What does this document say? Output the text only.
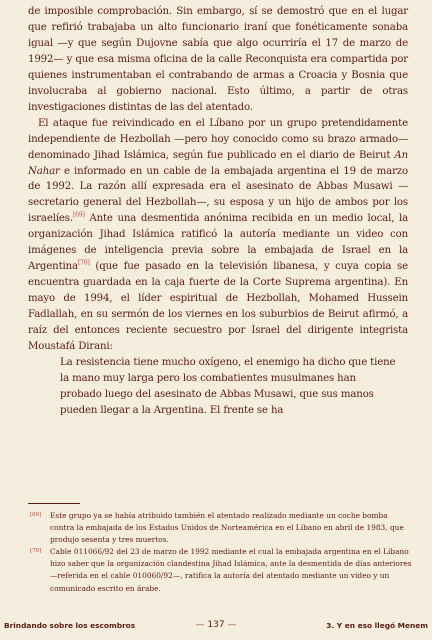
de imposible comprobación. Sin embargo, sí se demostró que en el lugar que refirió trabajaba un alto funcionario iraní que fonéticamente sonaba igual —y que según Dujovne sabía que algo ocurriría el 17 de marzo de 1992— y que esa misma oficina de la calle Reconquista era compartida por quienes instrumentaban el contrabando de armas a Croacia y Bosnia que involucraba al gobierno nacional. Esto último, a partir de otras investigaciones distintas de las del atentado.

El ataque fue reivindicado en el Líbano por un grupo pretendidamente independiente de Hezbollah —pero hoy conocido como su brazo armado— denominado Jihad Islámica, según fue publicado en el diario de Beirut An Nahar e informado en un cable de la embajada argentina el 19 de marzo de 1992. La razón allí expresada era el asesinato de Abbas Musawi —secretario general del Hezbollah—, su esposa y un hijo de ambos por los israelíes.[69] Ante una desmentida anónima recibida en un medio local, la organización Jihad Islámica ratificó la autoría mediante un video con imágenes de inteligencia previa sobre la embajada de Israel en la Argentina[70] (que fue pasado en la televisión libanesa, y cuya copia se encuentra guardada en la caja fuerte de la Corte Suprema argentina). En mayo de 1994, el líder espiritual de Hezbollah, Mohamed Hussein Fadlallah, en su sermón de los viernes en los suburbios de Beirut afirmó, a raíz del entonces reciente secuestro por Israel del dirigente integrista Moustafá Dirani:

La resistencia tiene mucho oxígeno, el enemigo ha dicho que tiene la mano muy larga pero los combatientes musulmanes han probado luego del asesinato de Abbas Musawi, que sus manos pueden llegar a la Argentina. El frente se ha

[69] Este grupo ya se había atribuido también el atentado realizado mediante un coche bomba contra la embajada de los Estados Unidos de Norteamérica en el Líbano en abril de 1983, que produjo sesenta y tres muertos.

[70] Cable 011066/92 del 23 de marzo de 1992 mediante el cual la embajada argentina en el Líbano hizo saber que la organización clandestina Jihad Islámica, ante la desmentida de días anteriores —referida en el cable 010060/92—, ratifica la autoría del atentado mediante un video y un comunicado escrito en árabe.

Brindando sobre los escombros	— 137 —	3. Y en eso llegó Menem
